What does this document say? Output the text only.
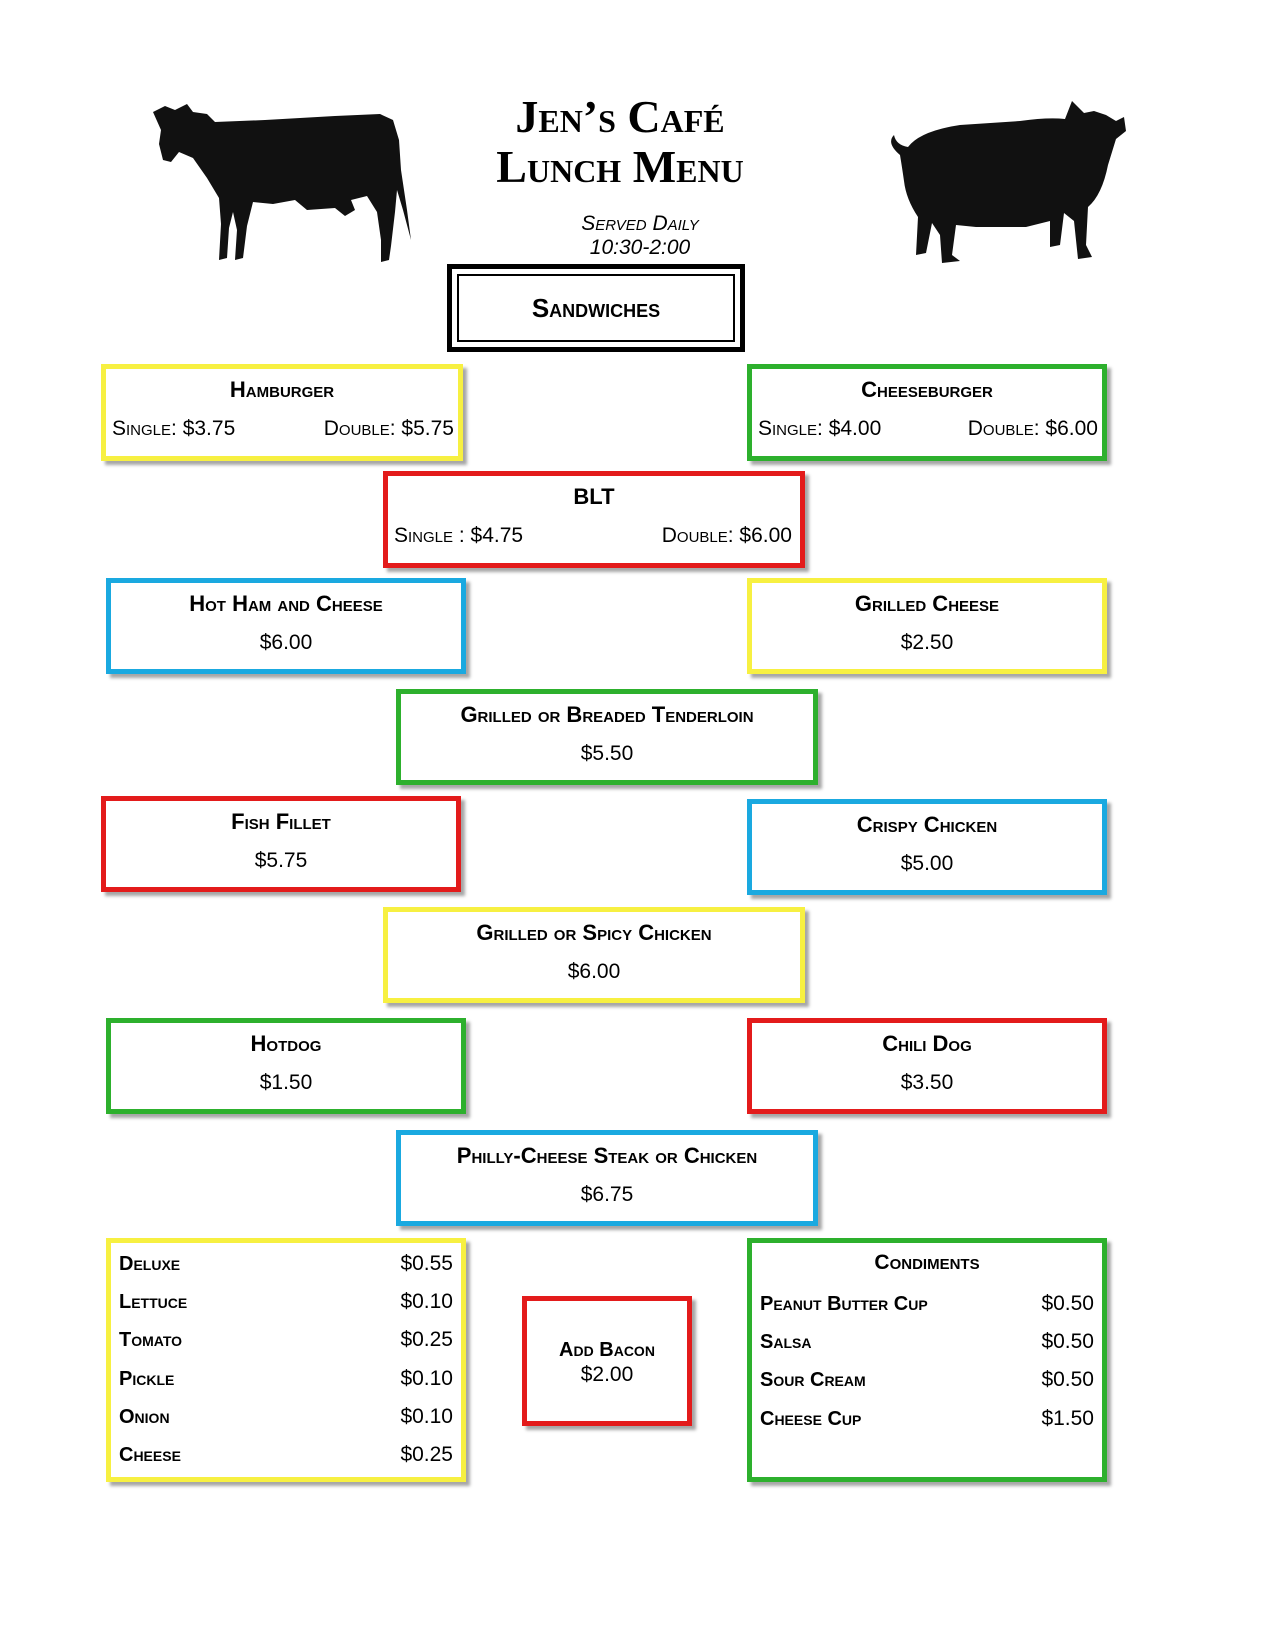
Jen’s Café
Lunch Menu
Served Daily
10:30-2:00
Sandwiches
Hamburger
Single: $3.75	Double: $5.75
Cheeseburger
Single: $4.00	Double: $6.00
BLT
Single : $4.75	Double: $6.00
Hot Ham and Cheese
$6.00
Grilled Cheese
$2.50
Grilled or Breaded Tenderloin
$5.50
Fish Fillet
$5.75
Crispy Chicken
$5.00
Grilled or Spicy Chicken
$6.00
Hotdog
$1.50
Chili Dog
$3.50
Philly-Cheese Steak or Chicken
$6.75
Deluxe	$0.55
Lettuce	$0.10
Tomato	$0.25
Pickle	$0.10
Onion	$0.10
Cheese	$0.25
Add Bacon
$2.00
Condiments
Peanut Butter Cup	$0.50
Salsa	$0.50
Sour Cream	$0.50
Cheese Cup	$1.50
